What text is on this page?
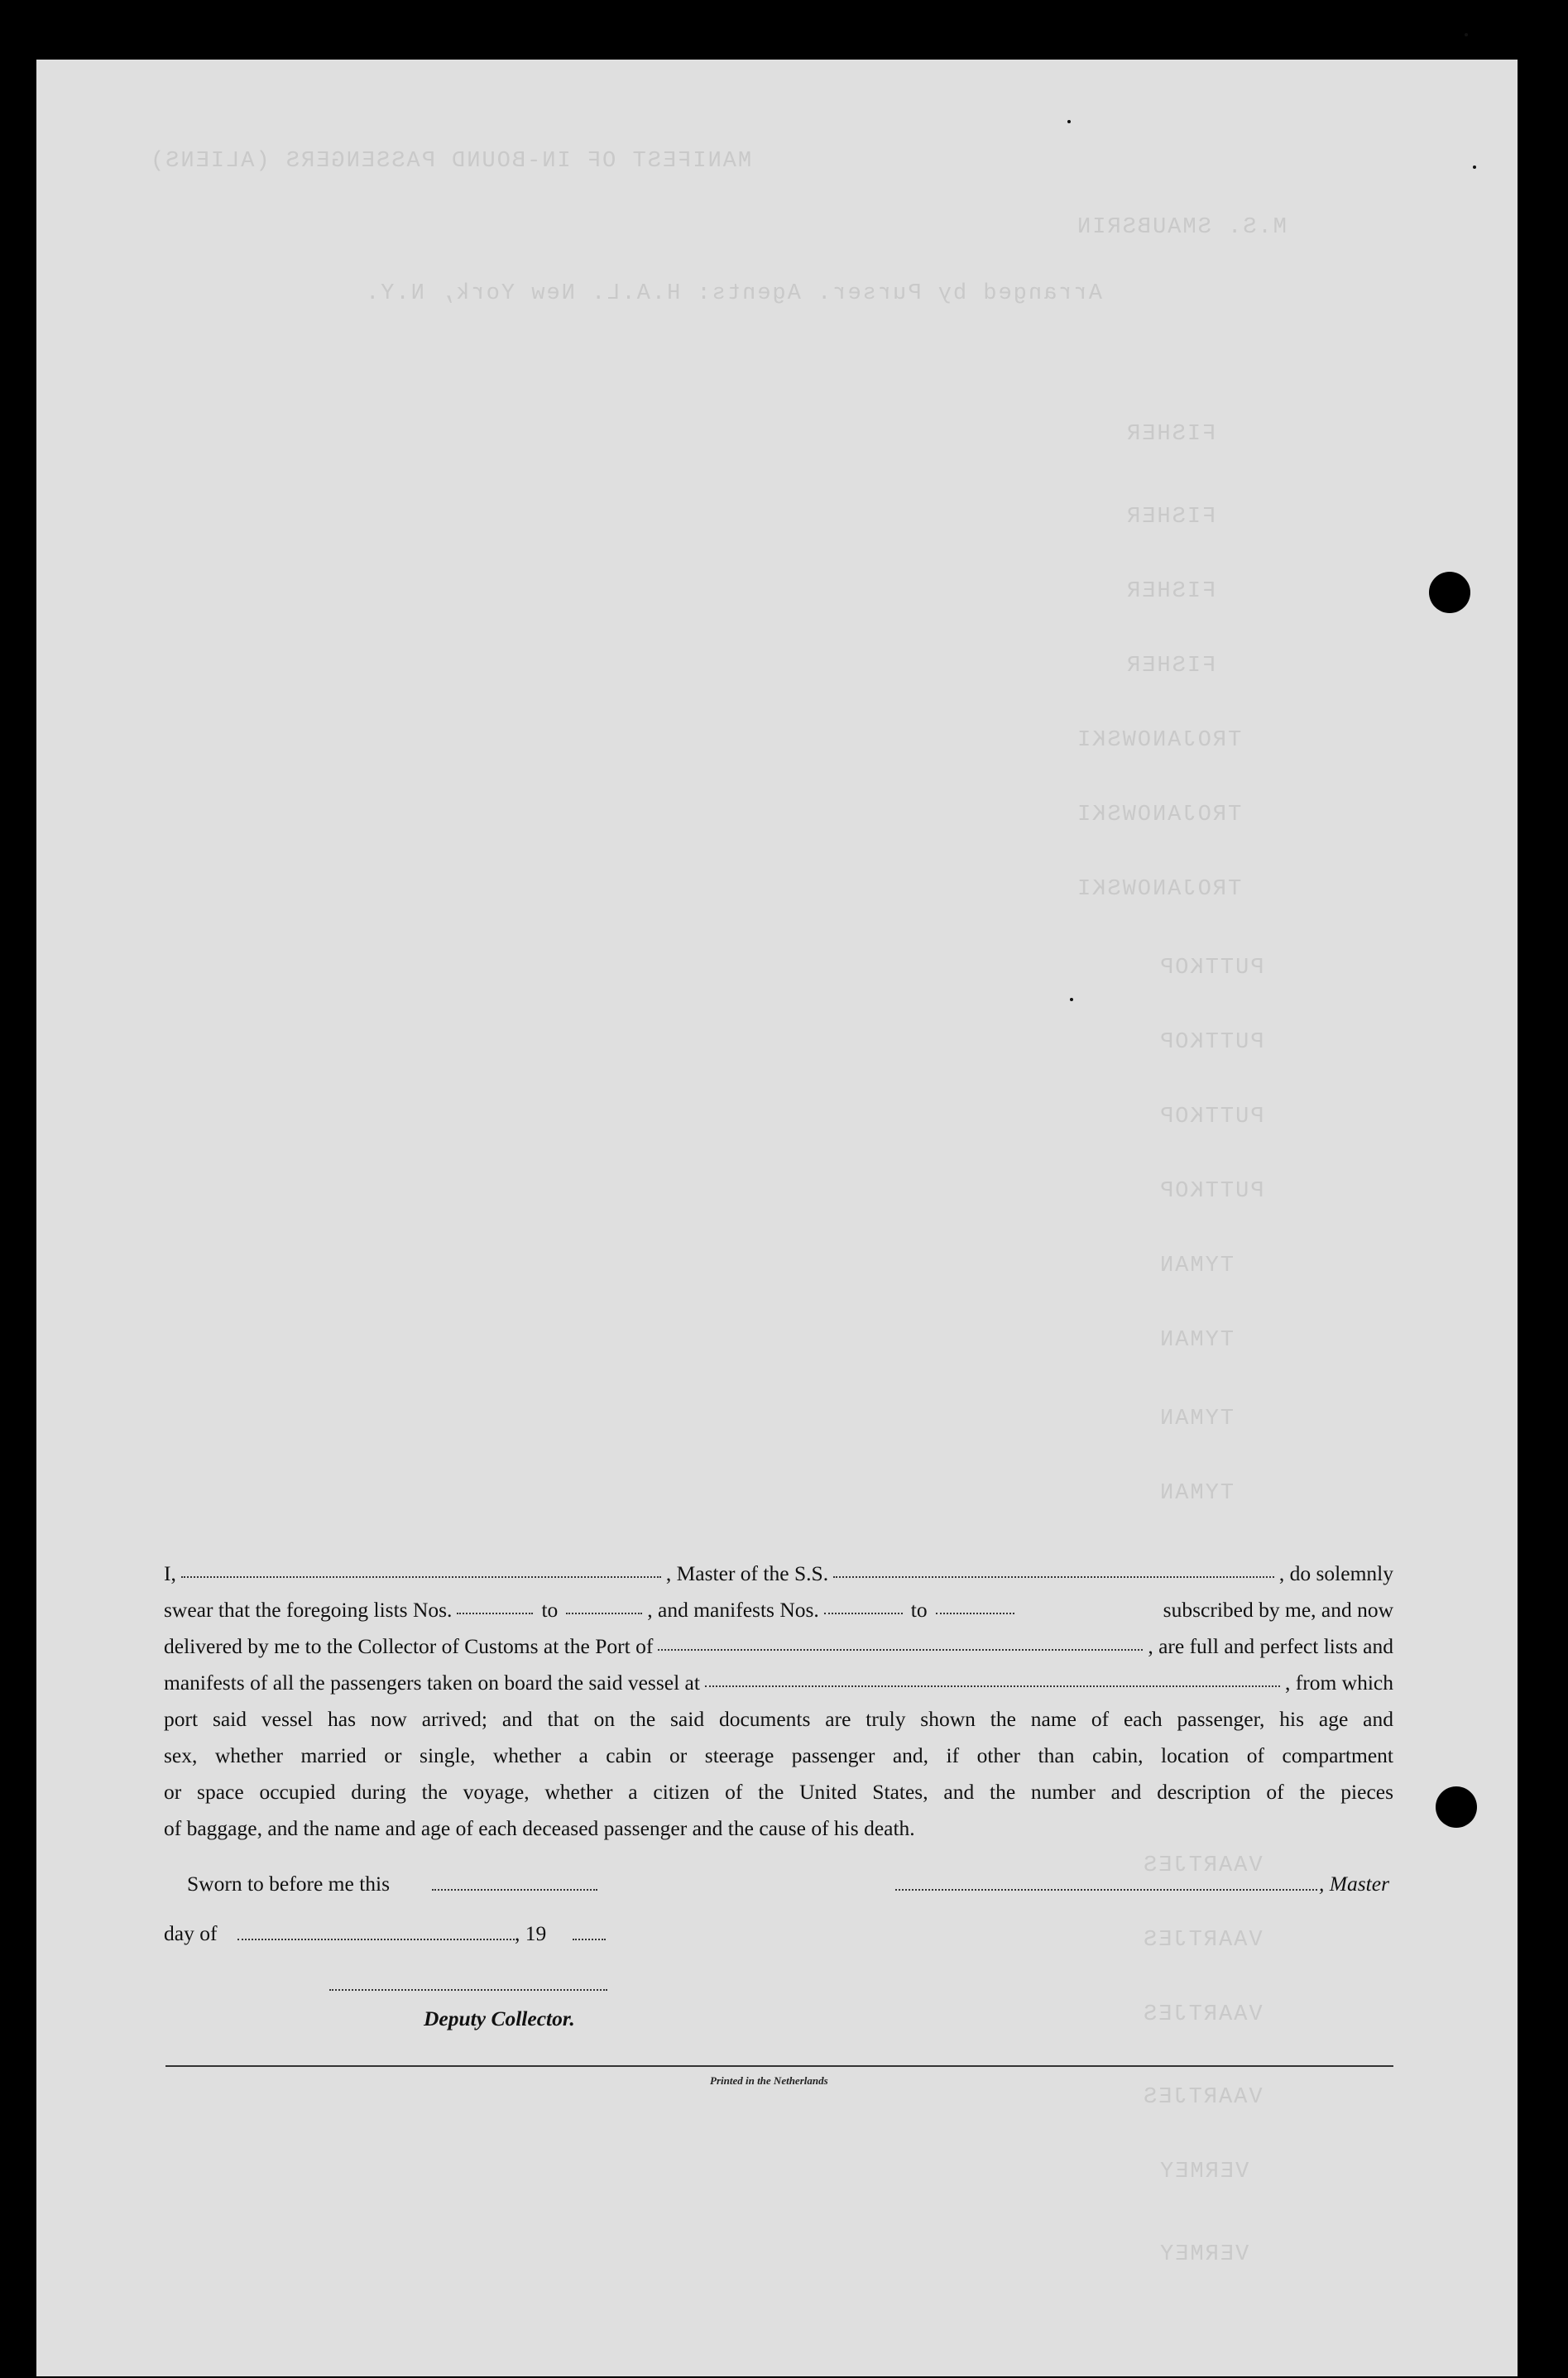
MANIFEST OF IN-BOUND PASSENGERS (ALIENS)
M.S. SMAUBSRIN
Arranged by Purser. Agents: H.A.L. New York, N.Y.
FISHER
FISHER
FISHER
FISHER
TROJANOWSKI
TROJANOWSKI
TROJANOWSKI
PUTTKOP
PUTTKOP
PUTTKOP
PUTTKOP
TYMAN
TYMAN
TYMAN
TYMAN
VAARTJES
VAARTJES
VAARTJES
VAARTJES
VERMEY
VERMEY
I,	, Master of the S.S.	, do solemnly
swear that the foregoing lists Nos.	to	, and manifests Nos.	to	subscribed by me, and now
delivered by me to the Collector of Customs at the Port of	, are full and perfect lists and
manifests of all the passengers taken on board the said vessel at	, from which
port said vessel has now arrived; and that on the said documents are truly shown the name of each passenger, his age and
sex, whether married or single, whether a cabin or steerage passenger and, if other than cabin, location of compartment
or space occupied during the voyage, whether a citizen of the United States, and the number and description of the pieces
of baggage, and the name and age of each deceased passenger and the cause of his death.
Sworn to before me this	, Master
day of	, 19
Deputy Collector.
Printed in the Netherlands
